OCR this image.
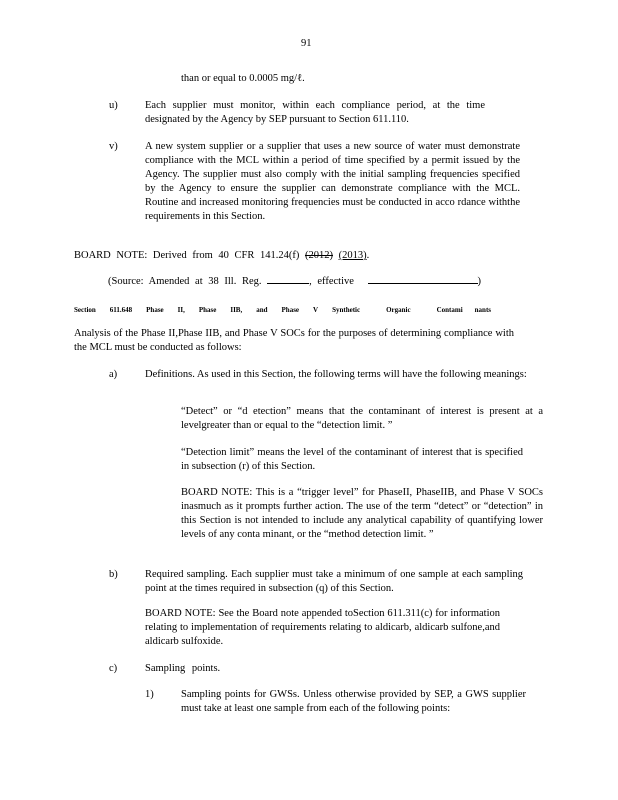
91
than or equal to 0.0005 mg/ℓ.
u)	Each supplier must monitor, within each compliance period, at the time designated by the Agency by SEP pursuant to Section 611.110.

v)	A new system supplier or a supplier that uses a new source of water must demonstrate compliance with the MCL within a period of time specified by a permit issued by the Agency. The supplier must also comply with the initial sampling frequencies specified by the Agency to ensure the supplier can demonstrate compliance with the MCL. Routine and increased monitoring frequencies must be conducted in acco rdance withthe requirements in this Section.

BOARD NOTE: Derived from 40 CFR 141.24(f) (2012) (2013).
(Source: Amended at 38 Ill. Reg.	, effective	)
Section 611.648 Phase II, Phase IIB, and Phase V Synthetic	Organic	Contami nants

Analysis of the Phase II,Phase IIB, and Phase V SOCs for the purposes of determining compliance with the MCL must be conducted as follows:

a)	Definitions. As used in this Section, the following terms will have the following meanings:

“Detect” or “d etection” means that the contaminant of interest is present at a levelgreater than or equal to the “detection limit. ”

“Detection limit” means the level of the contaminant of interest that is specified in subsection (r) of this Section.

BOARD NOTE: This is a “trigger level” for PhaseII, PhaseIIB, and Phase V SOCs inasmuch as it prompts further action. The use of the term “detect” or “detection” in this Section is not intended to include any analytical capability of quantifying lower levels of any conta minant, or the “method detection limit. ”

b)	Required sampling. Each supplier must take a minimum of one sample at each sampling point at the times required in subsection (q) of this Section.

BOARD NOTE: See the Board note appended toSection 611.311(c) for information relating to implementation of requirements relating to aldicarb, aldicarb sulfone,and aldicarb sulfoxide.

c)	Sampling points.

1)	Sampling points for GWSs. Unless otherwise provided by SEP, a GWS supplier must take at least one sample from each of the following points:
